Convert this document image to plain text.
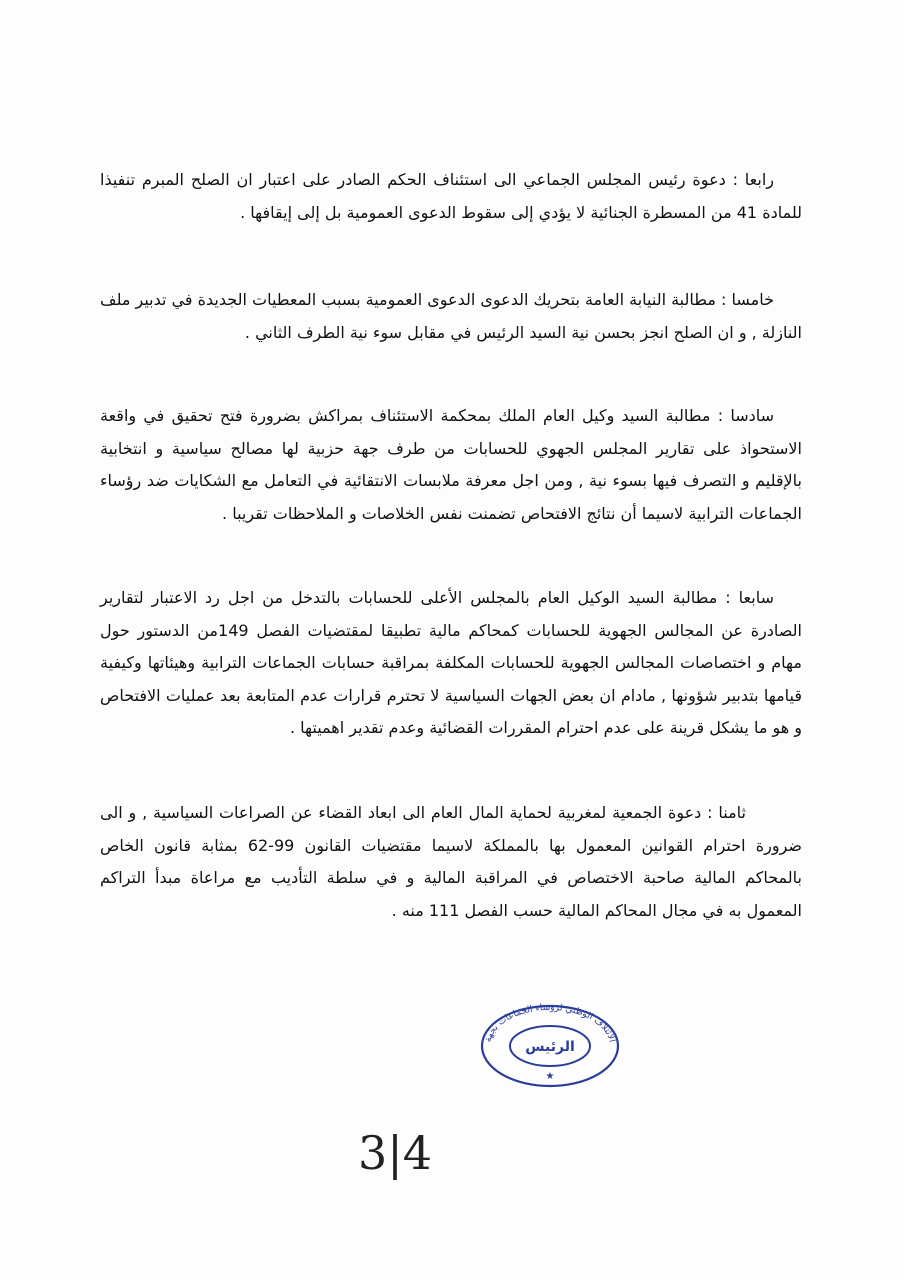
رابعا : دعوة رئيس المجلس الجماعي الى استئناف الحكم الصادر على اعتبار ان الصلح المبرم تنفيذا للمادة 41 من المسطرة الجنائية لا يؤدي إلى سقوط الدعوى العمومية بل إلى إيقافها .

خامسا : مطالبة النيابة العامة بتحريك الدعوى الدعوى العمومية بسبب المعطيات الجديدة في تدبير ملف النازلة , و ان الصلح انجز بحسن نية السيد الرئيس في مقابل سوء نية الطرف الثاني .

سادسا : مطالبة السيد وكيل العام الملك بمحكمة الاستئناف بمراكش بضرورة فتح تحقيق في واقعة الاستحواذ على تقارير المجلس الجهوي للحسابات من طرف جهة حزبية لها مصالح سياسية و انتخابية بالإقليم و التصرف فيها بسوء نية , ومن اجل معرفة ملابسات الانتقائية في التعامل مع الشكايات ضد رؤساء الجماعات الترابية لاسيما أن نتائج الافتحاص تضمنت نفس الخلاصات و الملاحظات تقريبا .

سابعا : مطالبة السيد الوكيل العام بالمجلس الأعلى للحسابات بالتدخل من اجل رد الاعتبار لتقارير الصادرة عن المجالس الجهوية للحسابات كمحاكم مالية تطبيقا لمقتضيات الفصل 149من الدستور حول مهام و اختصاصات المجالس الجهوية للحسابات المكلفة بمراقبة حسابات الجماعات الترابية وهيئاتها وكيفية قيامها بتدبير شؤونها , مادام ان بعض الجهات السياسية لا تحترم قرارات عدم المتابعة بعد عمليات الافتحاص و هو ما يشكل قرينة على عدم احترام المقررات القضائية وعدم تقدير اهميتها .

ثامنا : دعوة الجمعية لمغربية لحماية المال العام الى ابعاد القضاء عن الصراعات السياسية , و الى ضرورة احترام القوانين المعمول بها بالمملكة لاسيما مقتضيات القانون 99-62 بمثابة قانون الخاص بالمحاكم المالية صاحبة الاختصاص في المراقبة المالية و في سلطة التأديب مع مراعاة مبدأ التراكم المعمول به في مجال المحاكم المالية حسب الفصل 111 منه .

الائتلاف الوطني لرؤساء الجماعات بجهة
الرئيس
★
3|4
